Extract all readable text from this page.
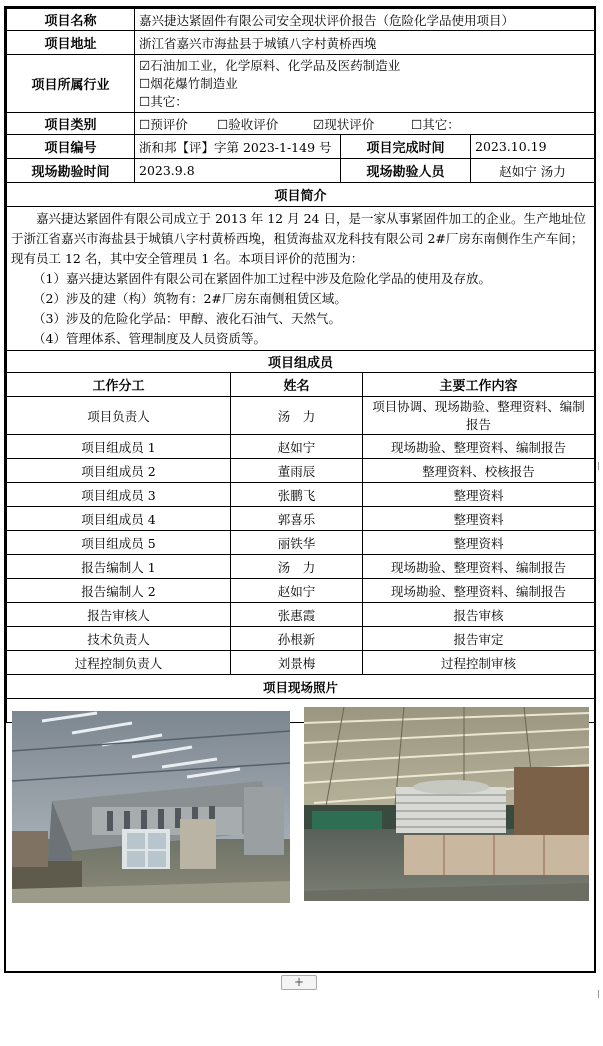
项目名称	嘉兴捷达紧固件有限公司安全现状评价报告（危险化学品使用项目）		
项目地址	浙江省嘉兴市海盐县于城镇八字村黄桥西堍		
项目所属行业	☑石油加工业，化学原料、化学品及医药制造业
☐烟花爆竹制造业
☐其它：		

项目类别	☐预评价 ☐验收评价 ☑现状评价 ☐其它：		
项目编号	浙和邦【评】字第 2023-1-149 号	项目完成时间	2023.10.19
现场勘验时间	2023.9.8	现场勘验人员	赵如宁 汤力
项目简介			

嘉兴捷达紧固件有限公司成立于 2013 年 12 月 24 日，是一家从事紧固件加工的企业。生产地址位于浙江省嘉兴市海盐县于城镇八字村黄桥西堍，租赁海盐双龙科技有限公司 2#厂房东南侧作生产车间；现有员工 12 名，其中安全管理员 1 名。本项目评价的范围为：

（1）嘉兴捷达紧固件有限公司在紧固件加工过程中涉及危险化学品的使用及存放。

（2）涉及的建（构）筑物有：2#厂房东南侧租赁区域。

（3）涉及的危险化学品：甲醇、液化石油气、天然气。

（4）管理体系、管理制度及人员资质等。			

项目组成员			
工作分工	姓名	主要工作内容
项目负责人	汤　力	项目协调、现场勘验、整理资料、编制报告
项目组成员 1	赵如宁	现场勘验、整理资料、编制报告
项目组成员 2	董雨辰	整理资料、校核报告
项目组成员 3	张鹏飞	整理资料
项目组成员 4	郭喜乐	整理资料
项目组成员 5	丽铁华	整理资料
报告编制人 1	汤　力	现场勘验、整理资料、编制报告
报告编制人 2	赵如宁	现场勘验、整理资料、编制报告
报告审核人	张惠霞	报告审核
技术负责人	孙根新	报告审定
过程控制负责人	刘景梅	过程控制审核
项目现场照片		

+
